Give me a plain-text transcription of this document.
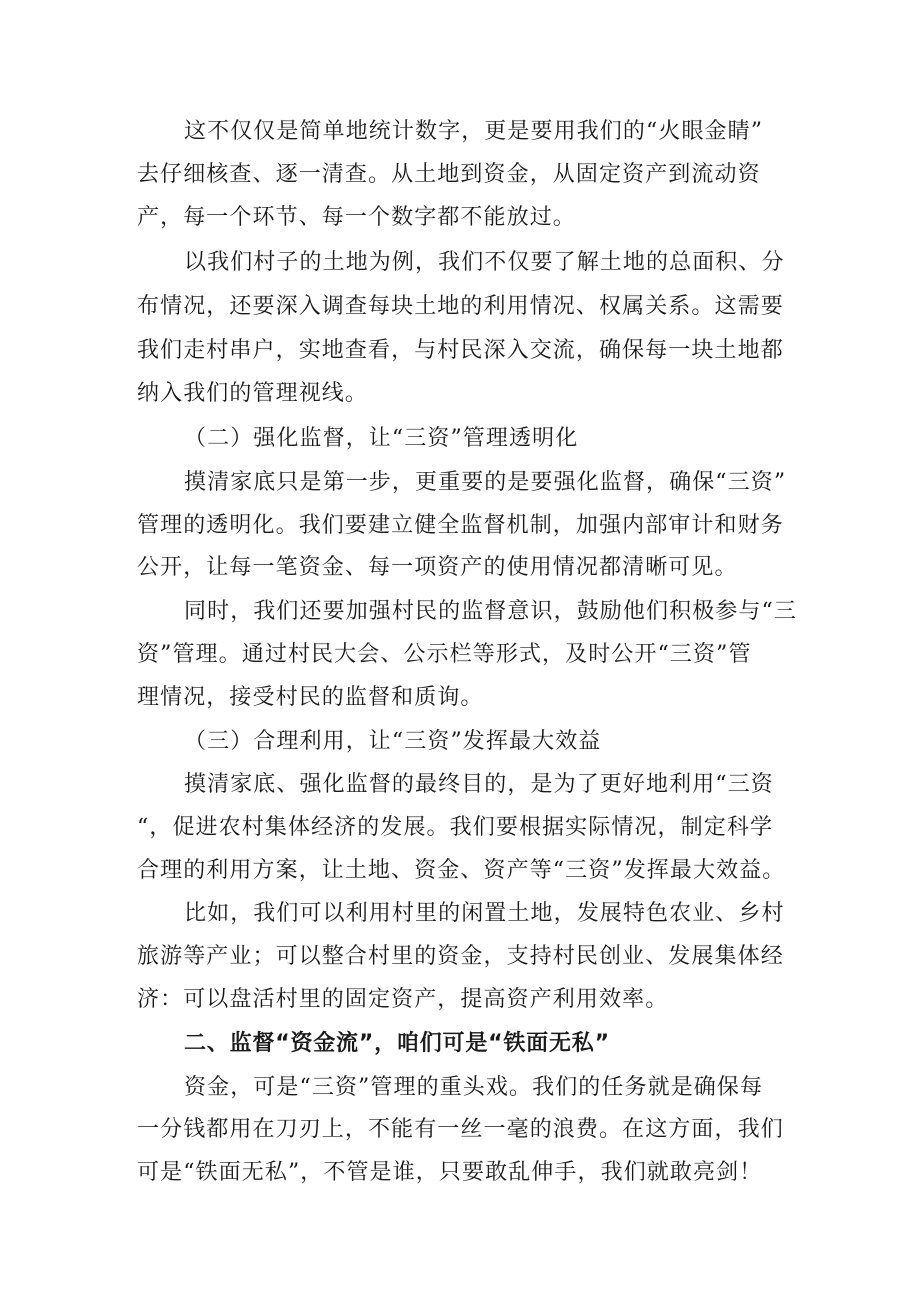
这不仅仅是简单地统计数字，更是要用我们的“火眼金睛”
去仔细核查、逐一清查。从土地到资金，从固定资产到流动资
产，每一个环节、每一个数字都不能放过。
以我们村子的土地为例，我们不仅要了解土地的总面积、分
布情况，还要深入调查每块土地的利用情况、权属关系。这需要
我们走村串户，实地查看，与村民深入交流，确保每一块土地都
纳入我们的管理视线。
（二）强化监督，让“三资”管理透明化
摸清家底只是第一步，更重要的是要强化监督，确保“三资”
管理的透明化。我们要建立健全监督机制，加强内部审计和财务
公开，让每一笔资金、每一项资产的使用情况都清晰可见。
同时，我们还要加强村民的监督意识，鼓励他们积极参与“三
资”管理。通过村民大会、公示栏等形式，及时公开“三资”管
理情况，接受村民的监督和质询。
（三）合理利用，让“三资”发挥最大效益
摸清家底、强化监督的最终目的，是为了更好地利用“三资
“，促进农村集体经济的发展。我们要根据实际情况，制定科学
合理的利用方案，让土地、资金、资产等“三资”发挥最大效益。
比如，我们可以利用村里的闲置土地，发展特色农业、乡村
旅游等产业；可以整合村里的资金，支持村民创业、发展集体经
济：可以盘活村里的固定资产，提高资产利用效率。
二、监督“资金流”，咱们可是“铁面无私”
资金，可是“三资”管理的重头戏。我们的任务就是确保每
一分钱都用在刀刃上，不能有一丝一毫的浪费。在这方面，我们
可是“铁面无私”，不管是谁，只要敢乱伸手，我们就敢亮剑！
